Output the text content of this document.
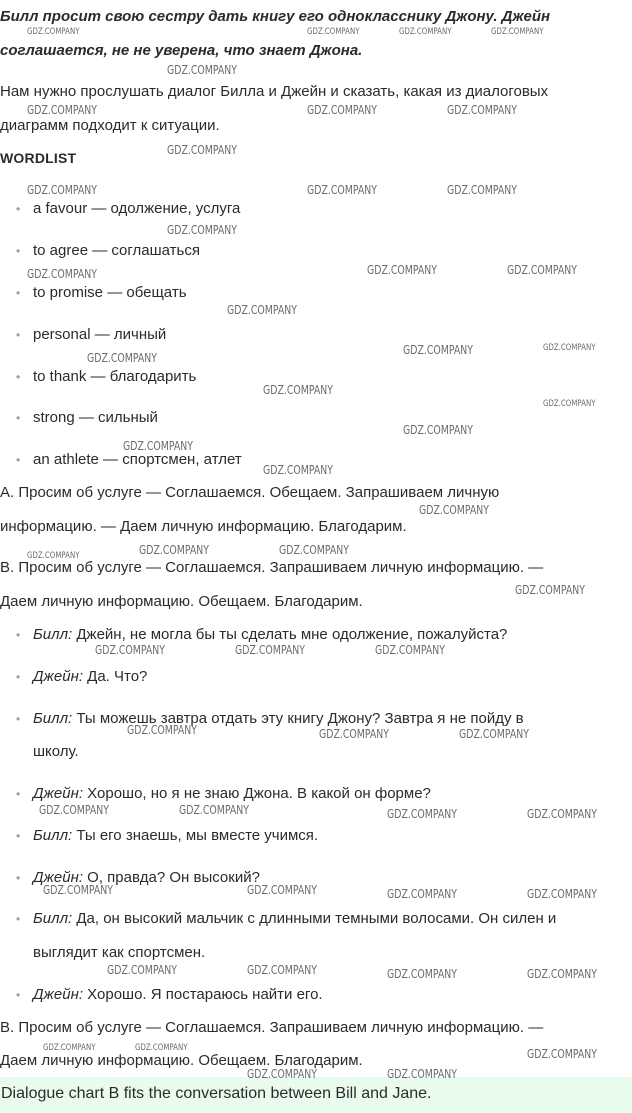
Билл просит свою сестру дать книгу его однокласснику Джону. Джейн
соглашается, не не уверена, что знает Джона.
Нам нужно прослушать диалог Билла и Джейн и сказать, какая из диалоговых
диаграмм подходит к ситуации.
WORDLIST
• a favour — одолжение, услуга
• to agree — соглашаться
• to promise — обещать
• personal — личный
• to thank — благодарить
• strong — сильный
• an athlete — спортсмен, атлет
А. Просим об услуге — Соглашаемся. Обещаем. Запрашиваем личную
информацию. — Даем личную информацию. Благодарим.
В. Просим об услуге — Соглашаемся. Запрашиваем личную информацию. —
Даем личную информацию. Обещаем. Благодарим.
• Билл: Джейн, не могла бы ты сделать мне одолжение, пожалуйста?
• Джейн: Да. Что?
• Билл: Ты можешь завтра отдать эту книгу Джону? Завтра я не пойду в
школу.
• Джейн: Хорошо, но я не знаю Джона. В какой он форме?
• Билл: Ты его знаешь, мы вместе учимся.
• Джейн: О, правда? Он высокий?
• Билл: Да, он высокий мальчик с длинными темными волосами. Он силен и
выглядит как спортсмен.
• Джейн: Хорошо. Я постараюсь найти его.
В. Просим об услуге — Соглашаемся. Запрашиваем личную информацию. —
Даем личную информацию. Обещаем. Благодарим.
Dialogue chart B fits the conversation between Bill and Jane.
GDZ.COMPANY	GDZ.COMPANY	GDZ.COMPANY	GDZ.COMPANY
GDZ.COMPANY
GDZ.COMPANY	GDZ.COMPANY	GDZ.COMPANY
GDZ.COMPANY
GDZ.COMPANY	GDZ.COMPANY	GDZ.COMPANY
GDZ.COMPANY
GDZ.COMPANY	GDZ.COMPANY	GDZ.COMPANY
GDZ.COMPANY
GDZ.COMPANY
GDZ.COMPANY	GDZ.COMPANY
GDZ.COMPANY
GDZ.COMPANY
GDZ.COMPANY
GDZ.COMPANY
GDZ.COMPANY
GDZ.COMPANY
GDZ.COMPANY	GDZ.COMPANY
GDZ.COMPANY
GDZ.COMPANY
GDZ.COMPANY	GDZ.COMPANY	GDZ.COMPANY
GDZ.COMPANY	GDZ.COMPANY	GDZ.COMPANY
GDZ.COMPANY	GDZ.COMPANY	GDZ.COMPANY	GDZ.COMPANY
GDZ.COMPANY	GDZ.COMPANY	GDZ.COMPANY	GDZ.COMPANY
GDZ.COMPANY	GDZ.COMPANY	GDZ.COMPANY	GDZ.COMPANY
GDZ.COMPANY	GDZ.COMPANY	GDZ.COMPANY
GDZ.COMPANY	GDZ.COMPANY
